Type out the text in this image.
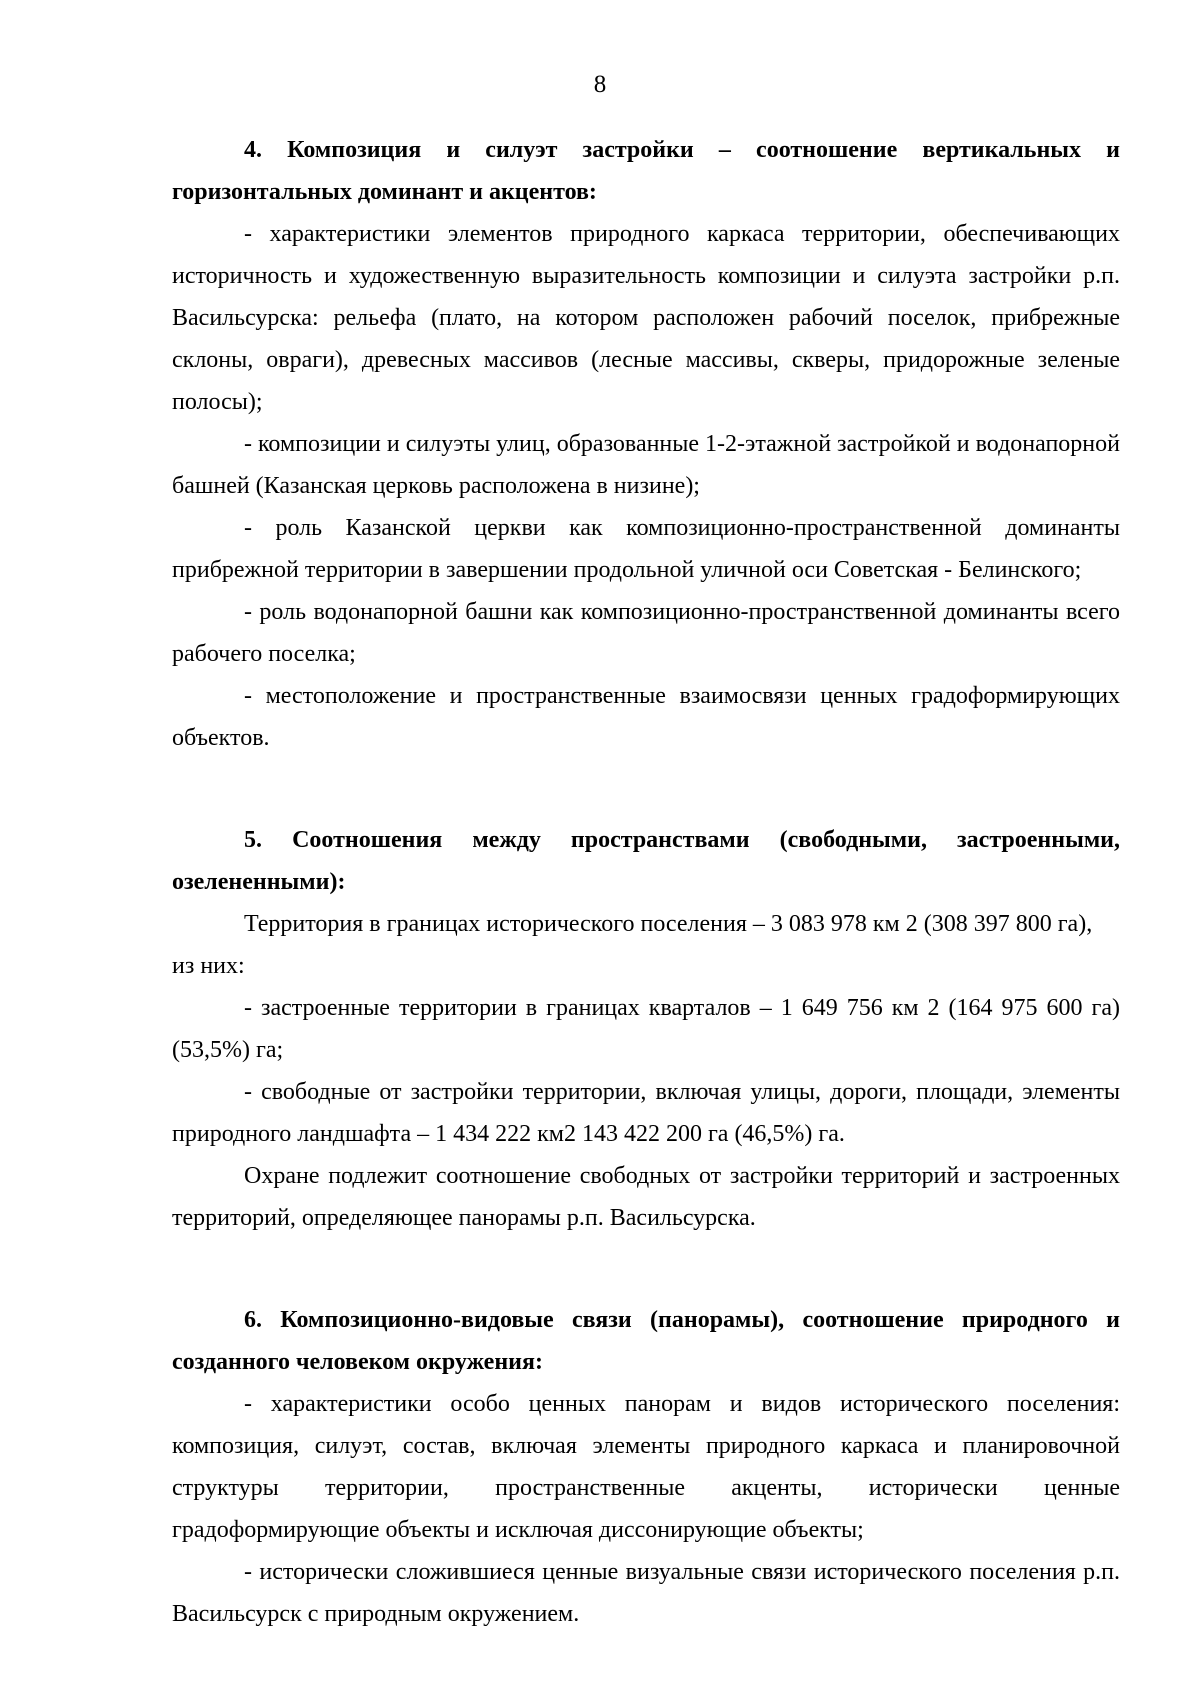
8

4. Композиция и силуэт застройки – соотношение вертикальных и горизонтальных доминант и акцентов:

- характеристики элементов природного каркаса территории, обеспечивающих историчность и художественную выразительность композиции и силуэта застройки р.п. Васильсурска: рельефа (плато, на котором расположен рабочий поселок, прибрежные склоны, овраги), древесных массивов (лесные массивы, скверы, придорожные зеленые полосы);

- композиции и силуэты улиц, образованные 1-2-этажной застройкой и водонапорной башней (Казанская церковь расположена в низине);

- роль Казанской церкви как композиционно-пространственной доминанты прибрежной территории в завершении продольной уличной оси Советская - Белинского;

- роль водонапорной башни как композиционно-пространственной доминанты всего рабочего поселка;

- местоположение и пространственные взаимосвязи ценных градоформирующих объектов.

5. Соотношения между пространствами (свободными, застроенными, озелененными):

Территория в границах исторического поселения – 3 083 978 км 2 (308 397 800 га),

из них:

- застроенные территории в границах кварталов – 1 649 756 км 2 (164 975 600 га) (53,5%) га;

- свободные от застройки территории, включая улицы, дороги, площади, элементы природного ландшафта – 1 434 222 км2 143 422 200 га (46,5%) га.

Охране подлежит соотношение свободных от застройки территорий и застроенных территорий, определяющее панорамы р.п. Васильсурска.

6. Композиционно-видовые связи (панорамы), соотношение природного и созданного человеком окружения:

- характеристики особо ценных панорам и видов исторического поселения: композиция, силуэт, состав, включая элементы природного каркаса и планировочной структуры территории, пространственные акценты, исторически ценные градоформирующие объекты и исключая диссонирующие объекты;

- исторически сложившиеся ценные визуальные связи исторического поселения р.п. Васильсурск с природным окружением.
